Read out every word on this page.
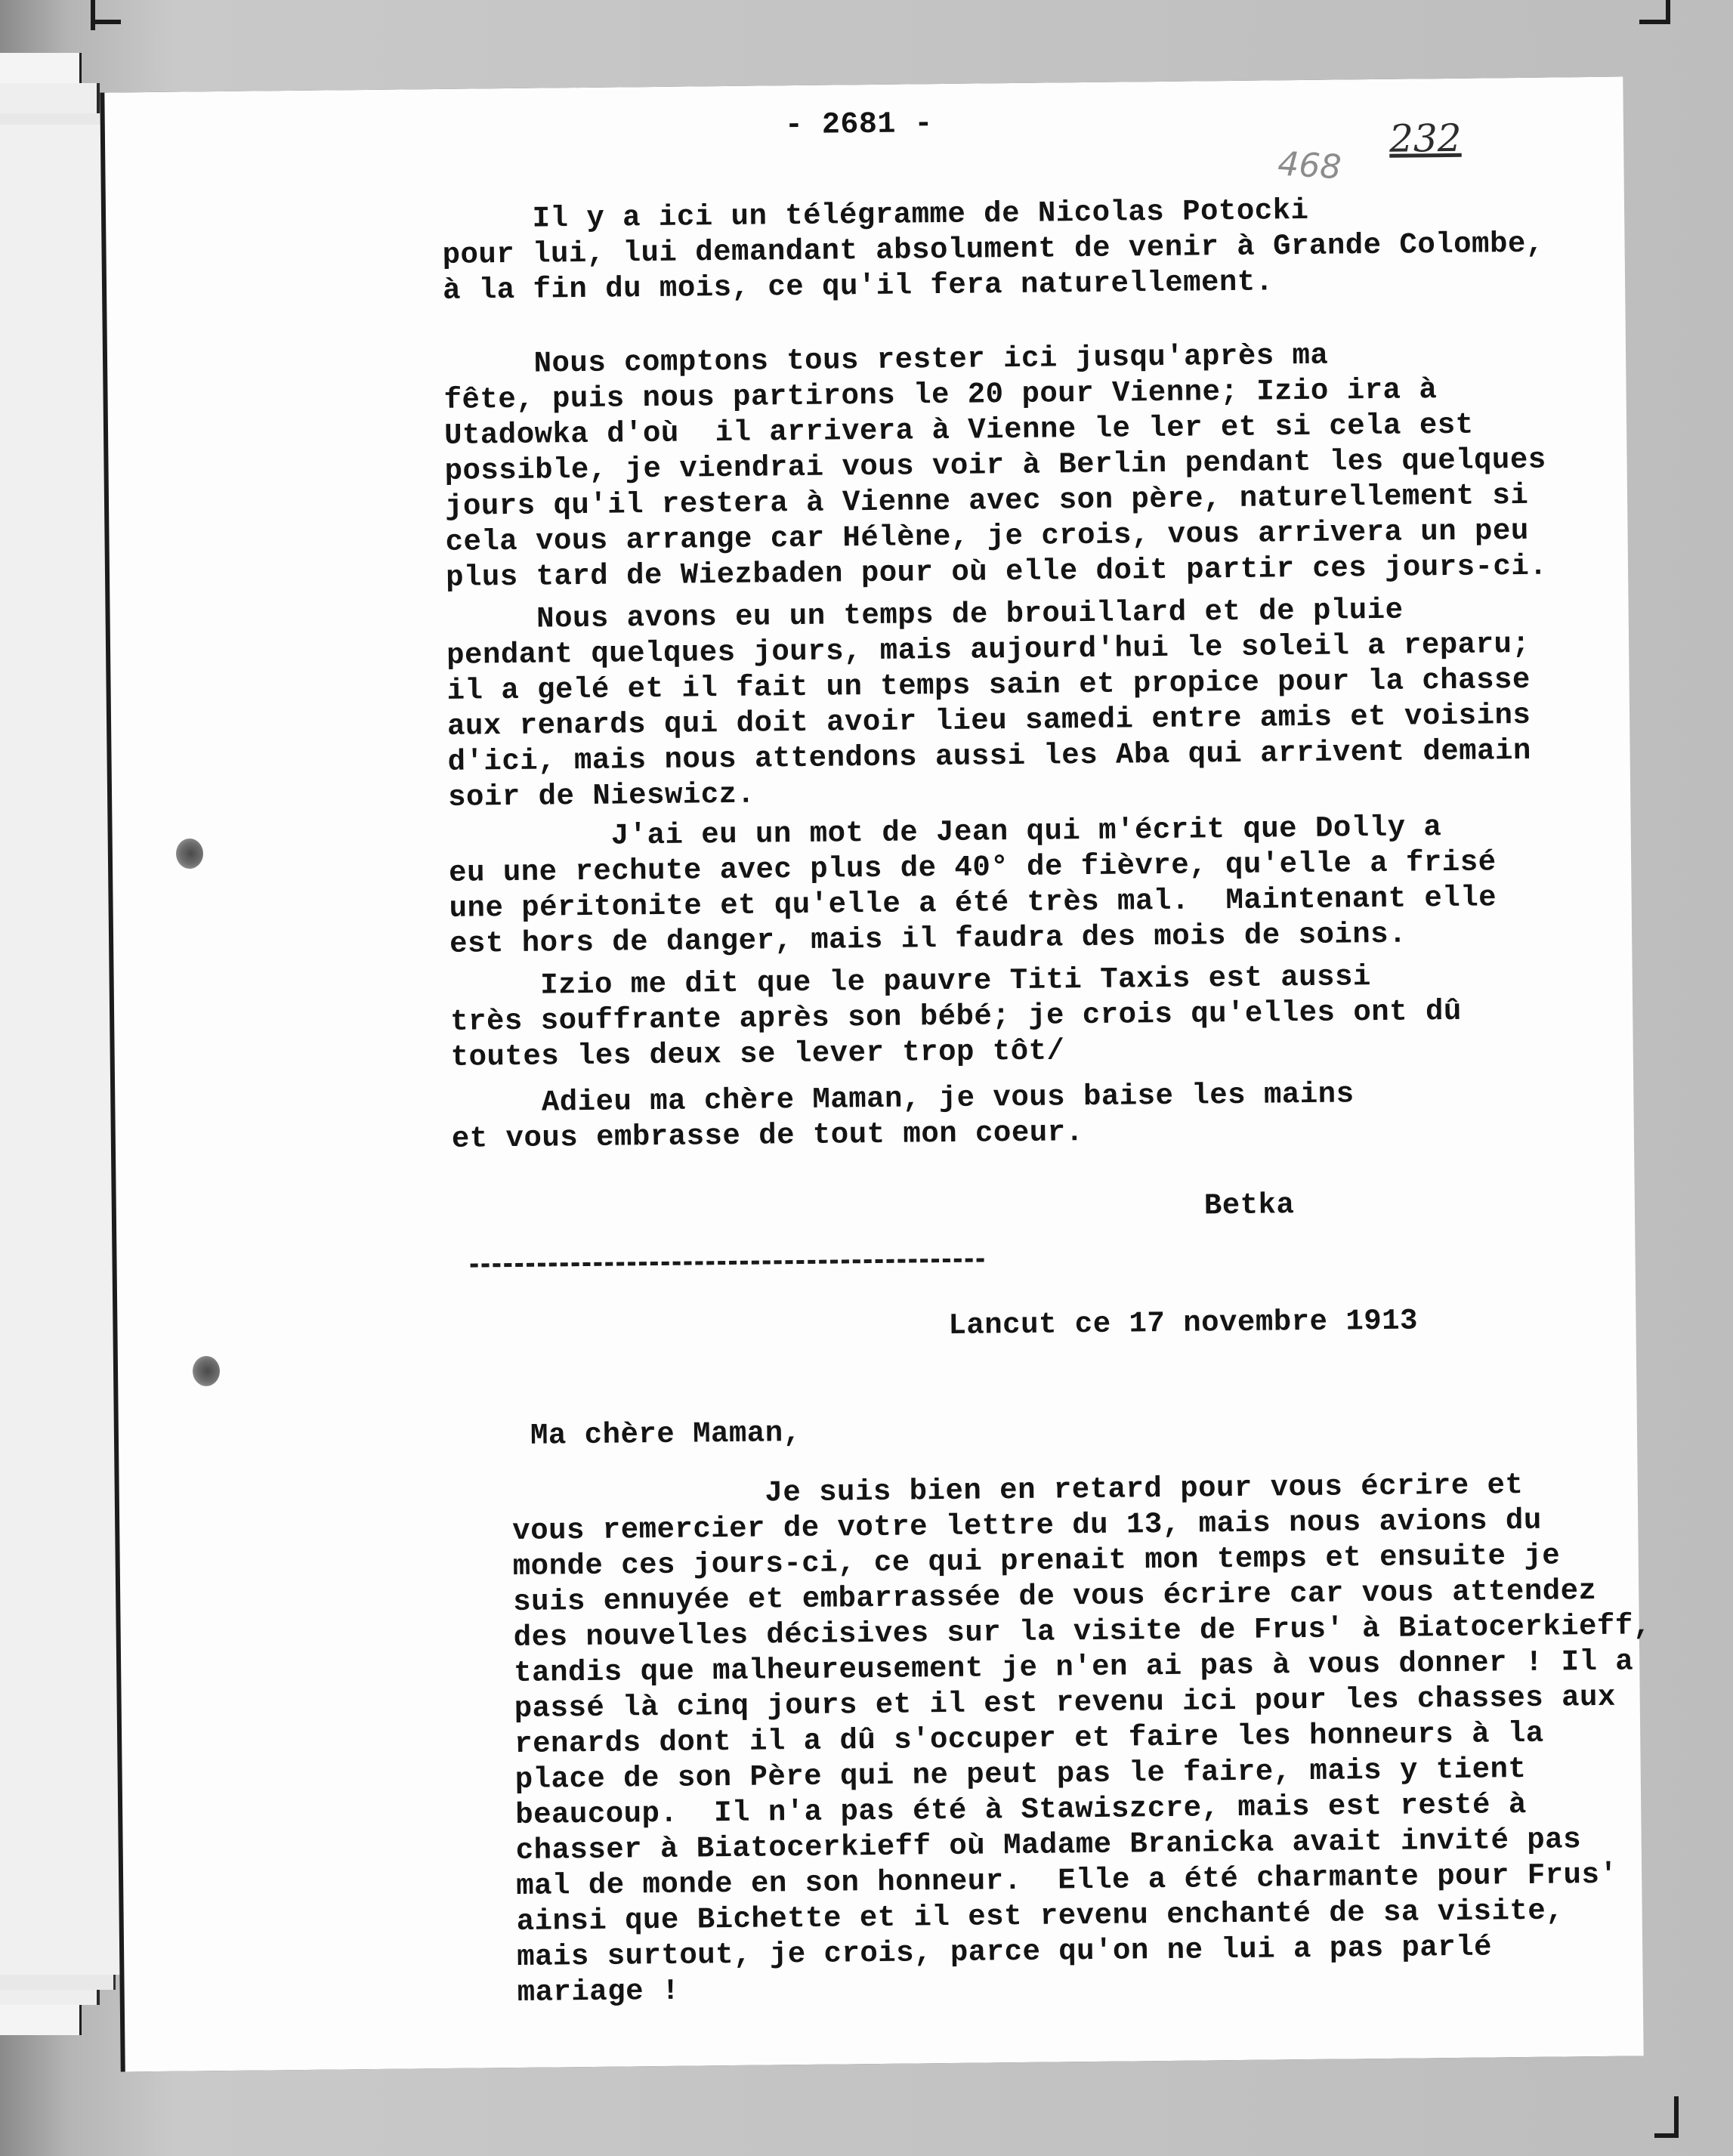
- 2681 -
468
232
Il y a ici un télégramme de Nicolas Potocki
pour lui, lui demandant absolument de venir à Grande Colombe,
à la fin du mois, ce qu'il fera naturellement.
Nous comptons tous rester ici jusqu'après ma
fête, puis nous partirons le 20 pour Vienne; Izio ira à
Utadowka d'où  il arrivera à Vienne le ler et si cela est
possible, je viendrai vous voir à Berlin pendant les quelques
jours qu'il restera à Vienne avec son père, naturellement si
cela vous arrange car Hélène, je crois, vous arrivera un peu
plus tard de Wiezbaden pour où elle doit partir ces jours-ci.
Nous avons eu un temps de brouillard et de pluie
pendant quelques jours, mais aujourd'hui le soleil a reparu;
il a gelé et il fait un temps sain et propice pour la chasse
aux renards qui doit avoir lieu samedi entre amis et voisins
d'ici, mais nous attendons aussi les Aba qui arrivent demain
soir de Nieswicz.
J'ai eu un mot de Jean qui m'écrit que Dolly a
eu une rechute avec plus de 40° de fièvre, qu'elle a frisé
une péritonite et qu'elle a été très mal.  Maintenant elle
est hors de danger, mais il faudra des mois de soins.
Izio me dit que le pauvre Titi Taxis est aussi
très souffrante après son bébé; je crois qu'elles ont dû
toutes les deux se lever trop tôt/
Adieu ma chère Maman, je vous baise les mains
et vous embrasse de tout mon coeur.
Betka
Lancut ce 17 novembre 1913
Ma chère Maman,
Je suis bien en retard pour vous écrire et
vous remercier de votre lettre du 13, mais nous avions du
monde ces jours-ci, ce qui prenait mon temps et ensuite je
suis ennuyée et embarrassée de vous écrire car vous attendez
des nouvelles décisives sur la visite de Frus' à Biatocerkieff,
tandis que malheureusement je n'en ai pas à vous donner ! Il a
passé là cinq jours et il est revenu ici pour les chasses aux
renards dont il a dû s'occuper et faire les honneurs à la
place de son Père qui ne peut pas le faire, mais y tient
beaucoup.  Il n'a pas été à Stawiszcre, mais est resté à
chasser à Biatocerkieff où Madame Branicka avait invité pas
mal de monde en son honneur.  Elle a été charmante pour Frus'
ainsi que Bichette et il est revenu enchanté de sa visite,
mais surtout, je crois, parce qu'on ne lui a pas parlé
mariage !
